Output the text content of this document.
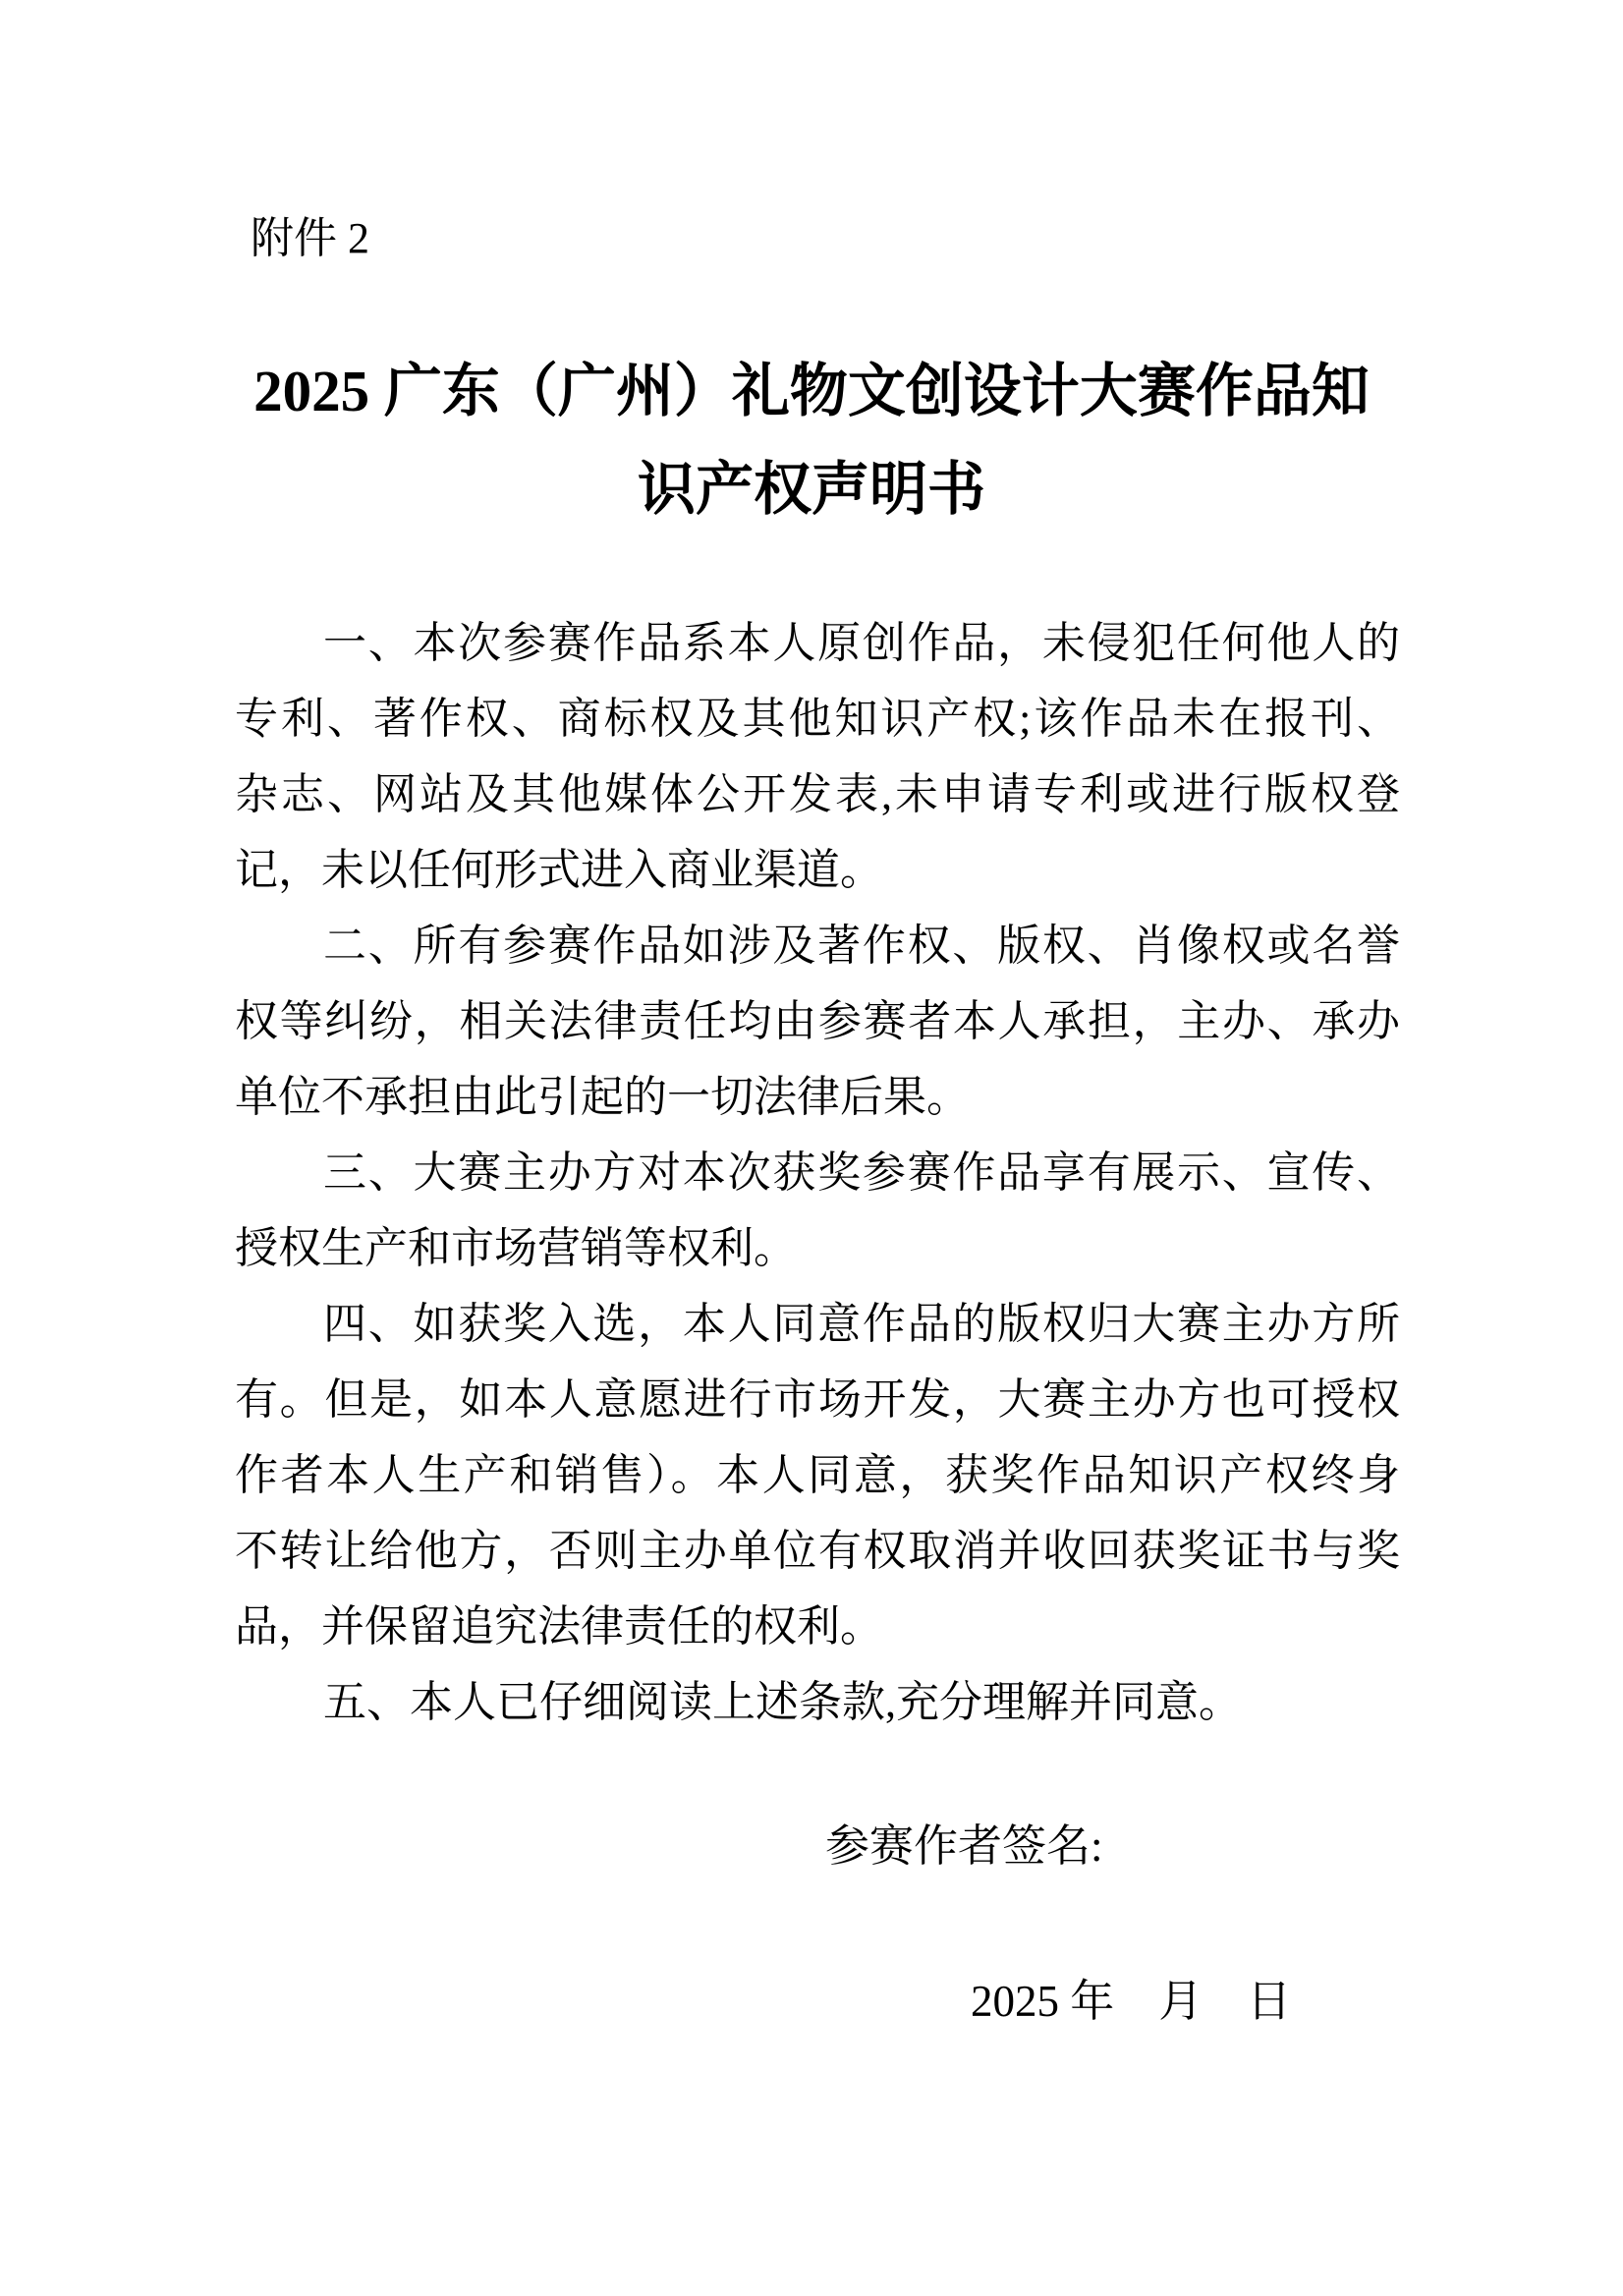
附件 2
2025 广东（广州）礼物文创设计大赛作品知
识产权声明书
一、本次参赛作品系本人原创作品，未侵犯任何他人的
专利、著作权、商标权及其他知识产权;该作品未在报刊、
杂志、网站及其他媒体公开发表,未申请专利或进行版权登
记，未以任何形式进入商业渠道。
二、所有参赛作品如涉及著作权、版权、肖像权或名誉
权等纠纷，相关法律责任均由参赛者本人承担，主办、承办
单位不承担由此引起的一切法律后果。
三、大赛主办方对本次获奖参赛作品享有展示、宣传、
授权生产和市场营销等权利。
四、如获奖入选，本人同意作品的版权归大赛主办方所
有。但是，如本人意愿进行市场开发，大赛主办方也可授权
作者本人生产和销售）。本人同意，获奖作品知识产权终身
不转让给他方，否则主办单位有权取消并收回获奖证书与奖
品，并保留追究法律责任的权利。
五、本人已仔细阅读上述条款,充分理解并同意。
参赛作者签名:
2025 年　月　日
